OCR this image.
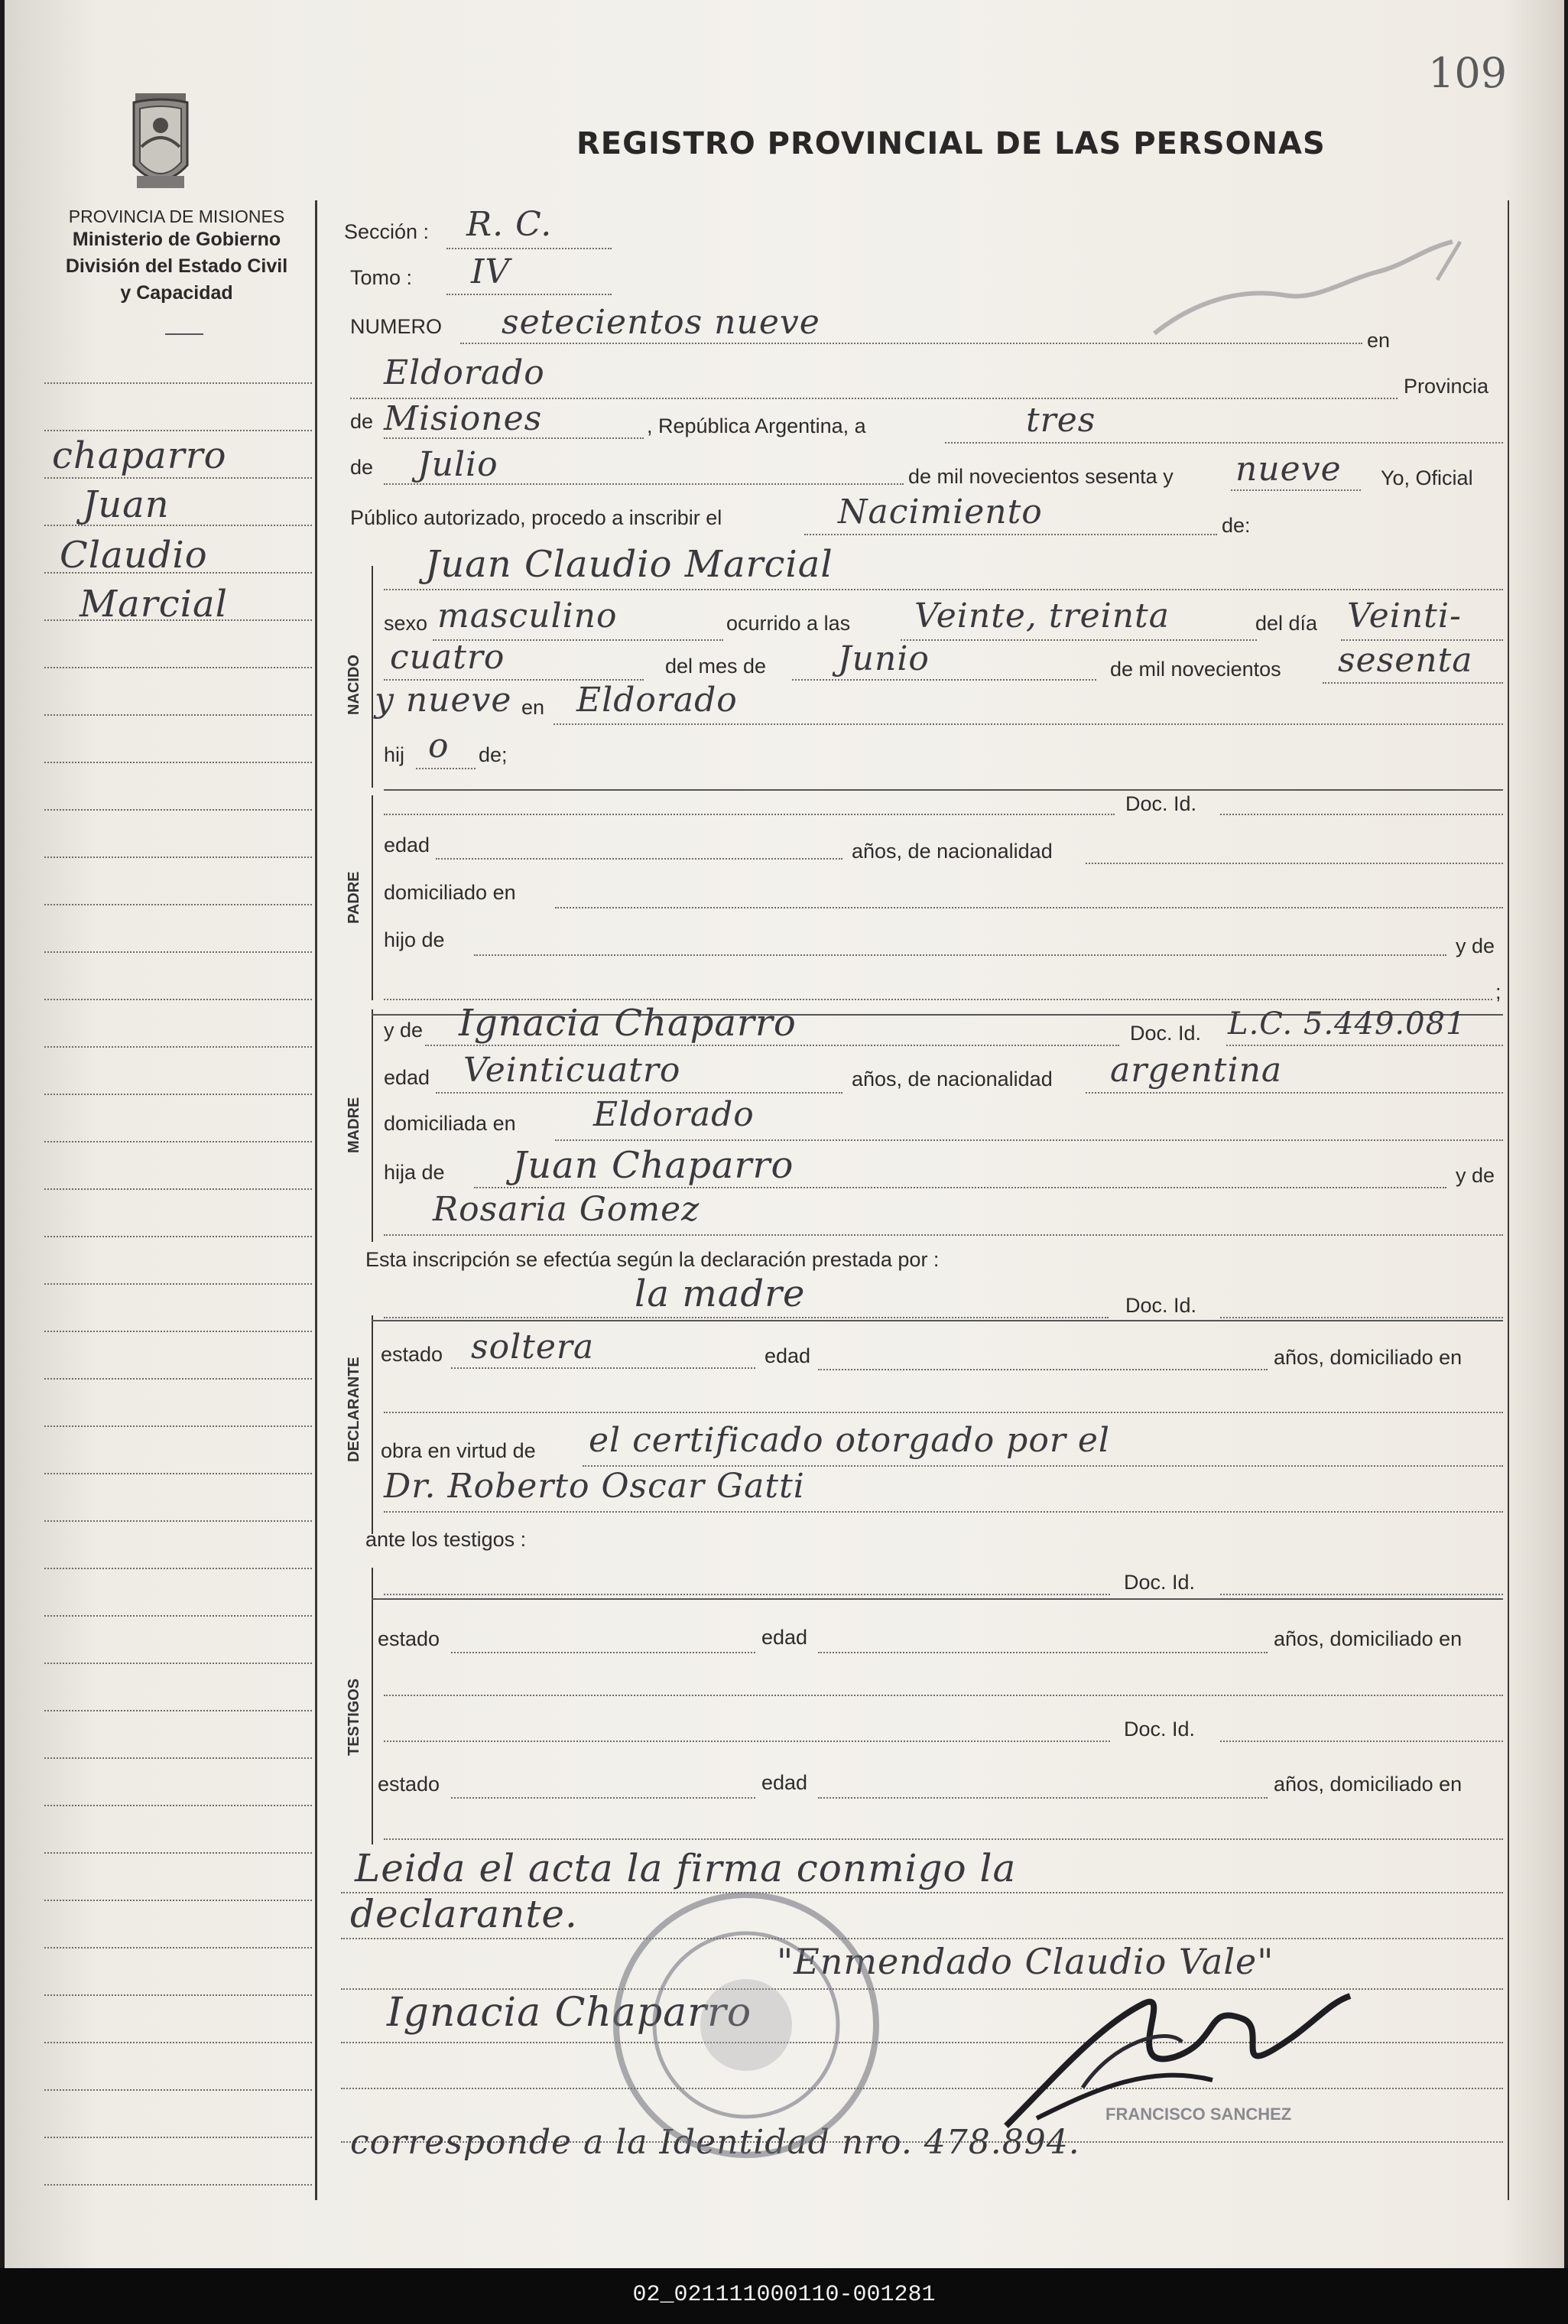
PROVINCIA DE MISIONES
Ministerio de Gobierno
División del Estado Civil
y Capacidad
REGISTRO PROVINCIAL DE LAS PERSONAS
109
chaparro
Juan
Claudio
Marcial
Sección : R. C.
Tomo : IV
NUMERO setecientos nueve	en
Eldorado	Provincia
de Misiones	, República Argentina, a	tres
de Julio	de mil novecientos sesenta y nueve Yo, Oficial
Público autorizado, procedo a inscribir el	Nacimiento	de:
NACIDO
Juan Claudio Marcial
sexo masculino	ocurrido a las Veinte, treinta	del día Veinti-
cuatro	del mes de Junio	de mil novecientos sesenta
y nueve en Eldorado
hij o de;
PADRE
Doc. Id.
edad	años, de nacionalidad
domiciliado en
hijo de	y de
;
MADRE
y de Ignacia Chaparro	Doc. Id. L.C. 5.449.081
edad Veinticuatro	años, de nacionalidad argentina
domiciliada en Eldorado
hija de Juan Chaparro	y de
Rosaria Gomez
Esta inscripción se efectúa según la declaración prestada por :
DECLARANTE
la madre	Doc. Id.
estado soltera	edad	años, domiciliado en
obra en virtud de el certificado otorgado por el
Dr. Roberto Oscar Gatti
ante los testigos :
TESTIGOS
Doc. Id.
estado	edad	años, domiciliado en
Doc. Id.
estado	edad	años, domiciliado en
Leida el acta la firma conmigo la
declarante.
"Enmendado Claudio Vale"
Ignacia Chaparro
corresponde a la Identidad nro. 478.894.
FRANCISCO SANCHEZ
02_021111000110-001281
